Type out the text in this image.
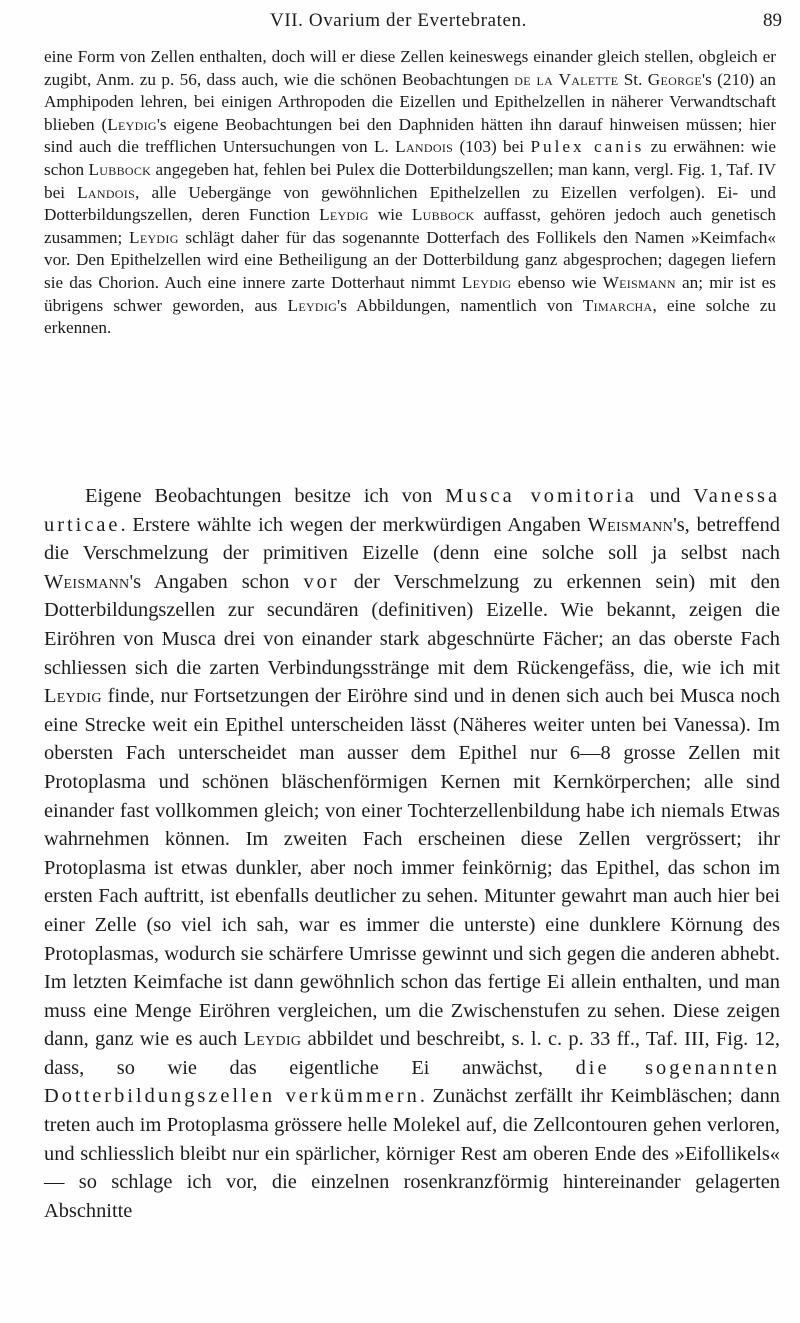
VII. Ovarium der Evertebraten.	89

eine Form von Zellen enthalten, doch will er diese Zellen keineswegs einander gleich stellen, obgleich er zugibt, Anm. zu p. 56, dass auch, wie die schönen Beobachtungen de la Valette St. George's (210) an Amphipoden lehren, bei einigen Arthropoden die Eizellen und Epithelzellen in näherer Verwandtschaft blieben (Leydig's eigene Beobachtungen bei den Daphniden hätten ihn darauf hinweisen müssen; hier sind auch die trefflichen Untersuchungen von L. Landois (103) bei Pulex canis zu erwähnen: wie schon Lubbock angegeben hat, fehlen bei Pulex die Dotterbildungszellen; man kann, vergl. Fig. 1, Taf. IV bei Landois, alle Uebergänge von gewöhnlichen Epithelzellen zu Eizellen verfolgen). Ei- und Dotterbildungszellen, deren Function Leydig wie Lubbock auffasst, gehören jedoch auch genetisch zusammen; Leydig schlägt daher für das sogenannte Dotterfach des Follikels den Namen »Keimfach« vor. Den Epithelzellen wird eine Betheiligung an der Dotterbildung ganz abgesprochen; dagegen liefern sie das Chorion. Auch eine innere zarte Dotterhaut nimmt Leydig ebenso wie Weismann an; mir ist es übrigens schwer geworden, aus Leydig's Abbildungen, namentlich von Timarcha, eine solche zu erkennen.

Eigene Beobachtungen besitze ich von Musca vomitoria und Vanessa urticae. Erstere wählte ich wegen der merkwürdigen Angaben Weismann's, betreffend die Verschmelzung der primitiven Eizelle (denn eine solche soll ja selbst nach Weismann's Angaben schon vor der Verschmelzung zu erkennen sein) mit den Dotterbildungszellen zur secundären (definitiven) Eizelle. Wie bekannt, zeigen die Eiröhren von Musca drei von einander stark abgeschnürte Fächer; an das oberste Fach schliessen sich die zarten Verbindungsstränge mit dem Rückengefäss, die, wie ich mit Leydig finde, nur Fortsetzungen der Eiröhre sind und in denen sich auch bei Musca noch eine Strecke weit ein Epithel unterscheiden lässt (Näheres weiter unten bei Vanessa). Im obersten Fach unterscheidet man ausser dem Epithel nur 6—8 grosse Zellen mit Protoplasma und schönen bläschenförmigen Kernen mit Kernkörperchen; alle sind einander fast vollkommen gleich; von einer Tochterzellenbildung habe ich niemals Etwas wahrnehmen können. Im zweiten Fach erscheinen diese Zellen vergrössert; ihr Protoplasma ist etwas dunkler, aber noch immer feinkörnig; das Epithel, das schon im ersten Fach auftritt, ist ebenfalls deutlicher zu sehen. Mitunter gewahrt man auch hier bei einer Zelle (so viel ich sah, war es immer die unterste) eine dunklere Körnung des Protoplasmas, wodurch sie schärfere Umrisse gewinnt und sich gegen die anderen abhebt. Im letzten Keimfache ist dann gewöhnlich schon das fertige Ei allein enthalten, und man muss eine Menge Eiröhren vergleichen, um die Zwischenstufen zu sehen. Diese zeigen dann, ganz wie es auch Leydig abbildet und beschreibt, s. l. c. p. 33 ff., Taf. III, Fig. 12, dass, so wie das eigentliche Ei anwächst, die sogenannten Dotterbildungszellen verkümmern. Zunächst zerfällt ihr Keimbläschen; dann treten auch im Protoplasma grössere helle Molekel auf, die Zellcontouren gehen verloren, und schliesslich bleibt nur ein spärlicher, körniger Rest am oberen Ende des »Eifollikels« — so schlage ich vor, die einzelnen rosenkranzförmig hintereinander gelagerten Abschnitte
